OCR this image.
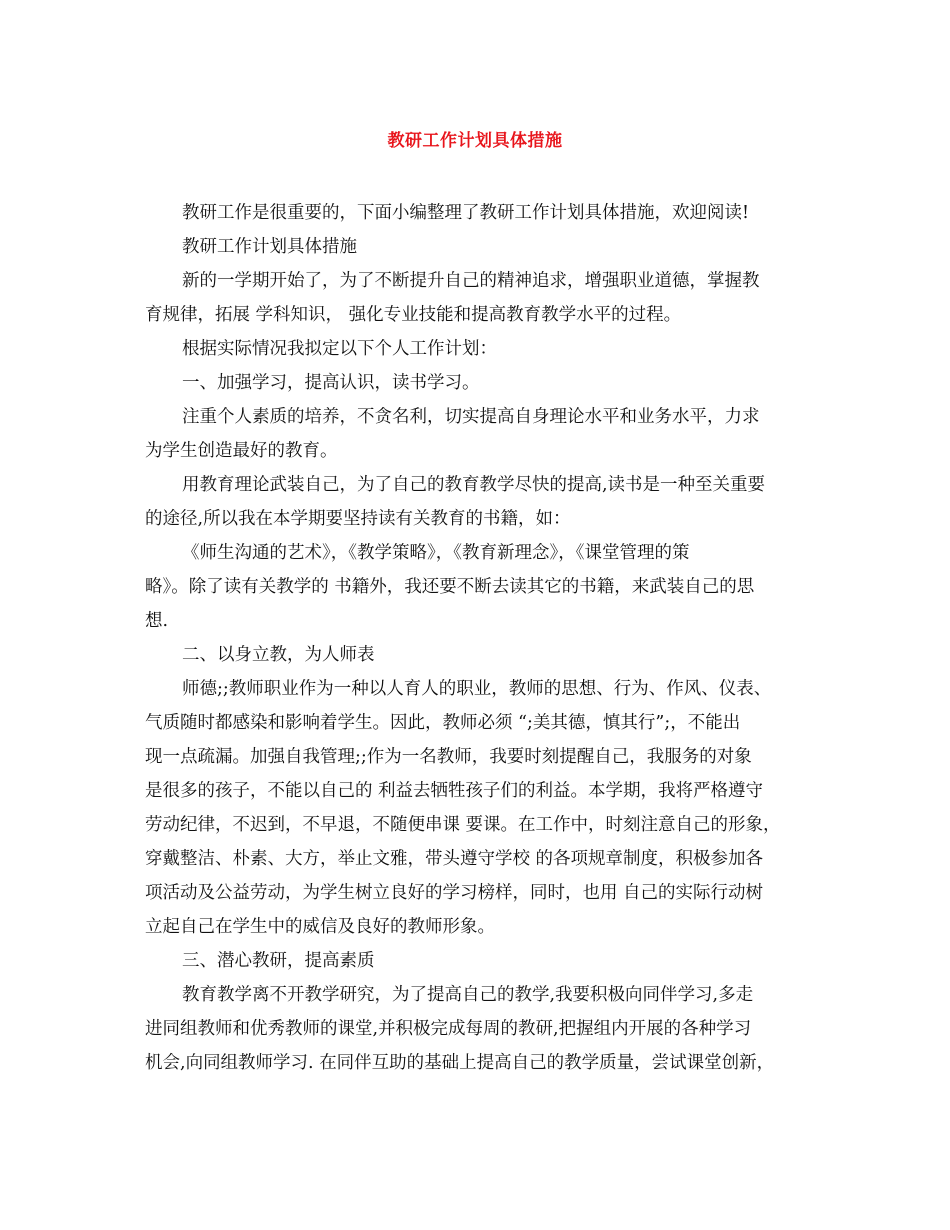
教研工作计划具体措施
教研工作是很重要的，下面小编整理了教研工作计划具体措施，欢迎阅读!
教研工作计划具体措施
新的一学期开始了，为了不断提升自己的精神追求，增强职业道德，掌握教
育规律，拓展 学科知识， 强化专业技能和提高教育教学水平的过程。
根据实际情况我拟定以下个人工作计划：
一、加强学习，提高认识，读书学习。
注重个人素质的培养，不贪名利，切实提高自身理论水平和业务水平，力求
为学生创造最好的教育。
用教育理论武装自己，为了自己的教育教学尽快的提高,读书是一种至关重要
的途径,所以我在本学期要坚持读有关教育的书籍，如：
《师生沟通的艺术》，《教学策略》，《教育新理念》，《课堂管理的策
略》。除了读有关教学的 书籍外，我还要不断去读其它的书籍，来武装自己的思
想.
二、以身立教，为人师表
师德;;教师职业作为一种以人育人的职业，教师的思想、行为、作风、仪表、
气质随时都感染和影响着学生。因此，教师必须 “;美其德，慎其行”;，不能出
现一点疏漏。加强自我管理;;作为一名教师，我要时刻提醒自己，我服务的对象
是很多的孩子，不能以自己的 利益去牺牲孩子们的利益。本学期，我将严格遵守
劳动纪律，不迟到，不早退，不随便串课 要课。在工作中，时刻注意自己的形象，
穿戴整洁、朴素、大方，举止文雅，带头遵守学校 的各项规章制度，积极参加各
项活动及公益劳动，为学生树立良好的学习榜样，同时，也用 自己的实际行动树
立起自己在学生中的威信及良好的教师形象。
三、潜心教研，提高素质
教育教学离不开教学研究，为了提高自己的教学,我要积极向同伴学习,多走
进同组教师和优秀教师的课堂,并积极完成每周的教研,把握组内开展的各种学习
机会,向同组教师学习. 在同伴互助的基础上提高自己的教学质量，尝试课堂创新，
